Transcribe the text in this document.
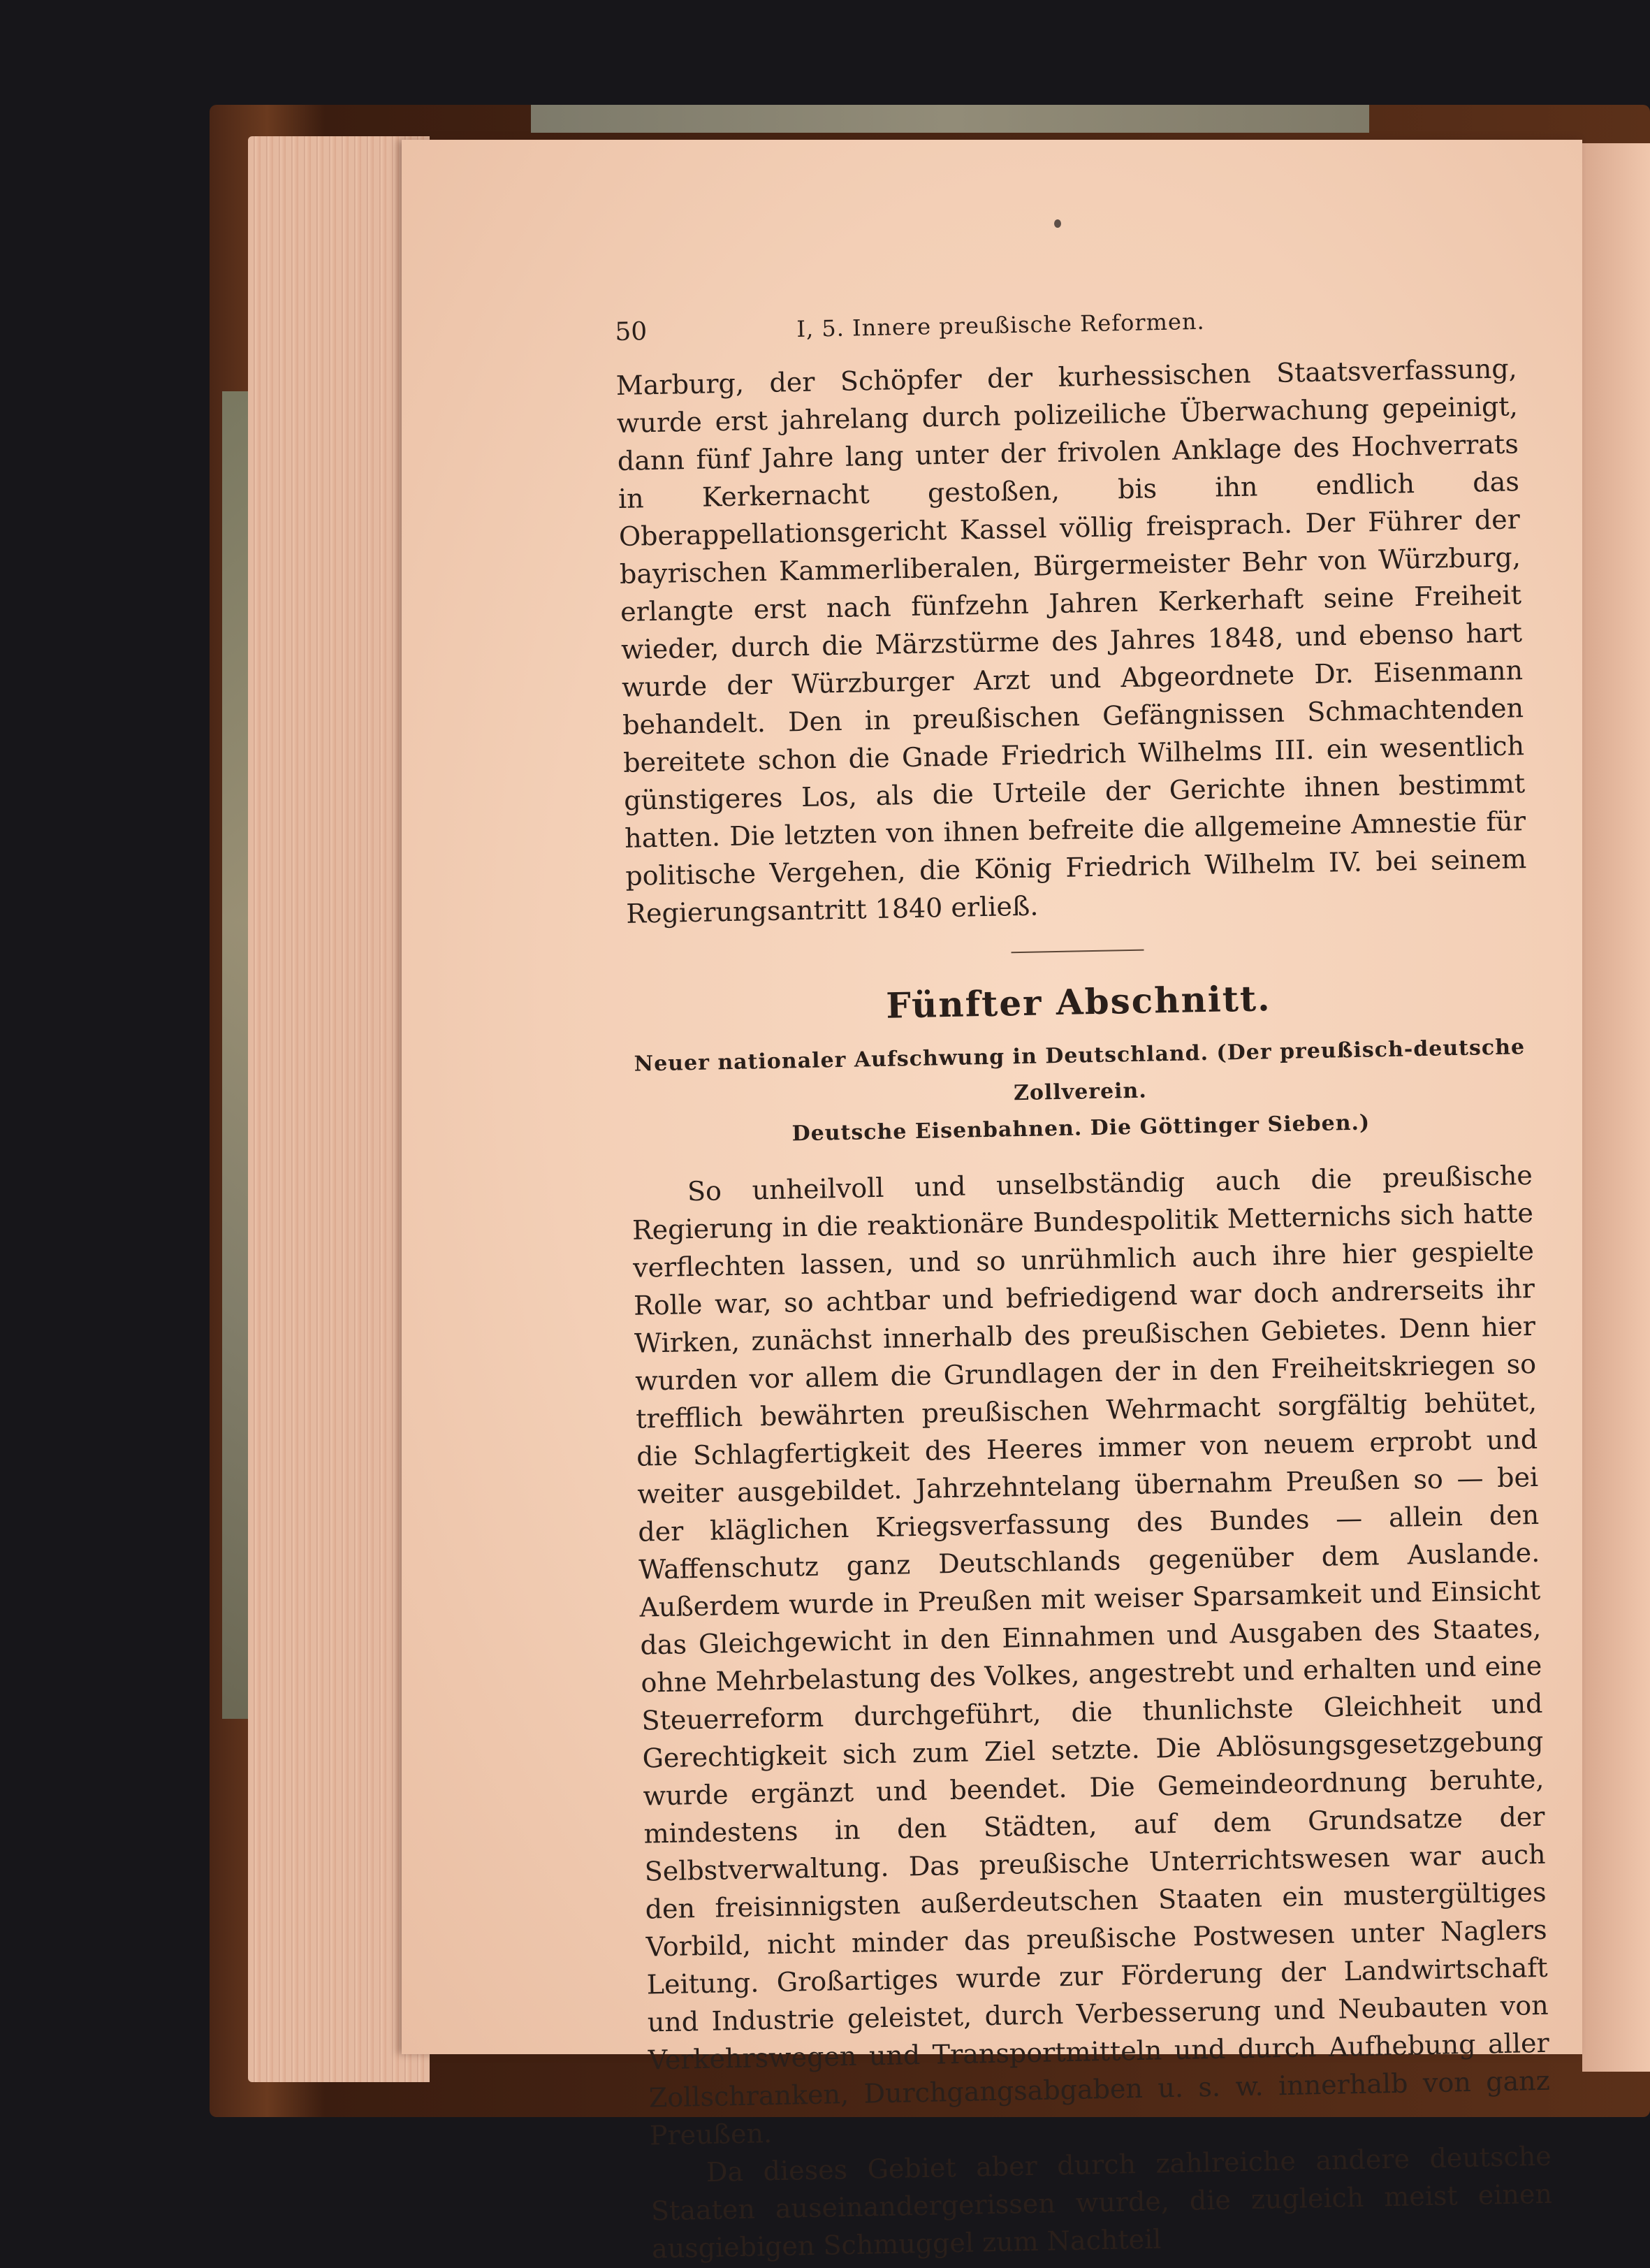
50	I, 5. Innere preußische Reformen.

Marburg, der Schöpfer der kurhessischen Staatsverfassung, wurde erst jahrelang durch polizeiliche Überwachung gepeinigt, dann fünf Jahre lang unter der frivolen Anklage des Hochverrats in Kerkernacht gestoßen, bis ihn endlich das Oberappellationsgericht Kassel völlig freisprach. Der Führer der bayrischen Kammerliberalen, Bürgermeister Behr von Würzburg, erlangte erst nach fünfzehn Jahren Kerkerhaft seine Freiheit wieder, durch die Märzstürme des Jahres 1848, und ebenso hart wurde der Würzburger Arzt und Abgeordnete Dr. Eisenmann behandelt. Den in preußischen Gefängnissen Schmachtenden bereitete schon die Gnade Friedrich Wilhelms III. ein wesentlich günstigeres Los, als die Urteile der Gerichte ihnen bestimmt hatten. Die letzten von ihnen befreite die allgemeine Amnestie für politische Vergehen, die König Friedrich Wilhelm IV. bei seinem Regierungsantritt 1840 erließ.

Fünfter Abschnitt.
Neuer nationaler Aufschwung in Deutschland. (Der preußisch-deutsche Zollverein.
Deutsche Eisenbahnen. Die Göttinger Sieben.)

So unheilvoll und unselbständig auch die preußische Regierung in die reaktionäre Bundespolitik Metternichs sich hatte verflechten lassen, und so unrühmlich auch ihre hier gespielte Rolle war, so achtbar und befriedigend war doch andrerseits ihr Wirken, zunächst innerhalb des preußischen Gebietes. Denn hier wurden vor allem die Grundlagen der in den Freiheitskriegen so trefflich bewährten preußischen Wehrmacht sorgfältig behütet, die Schlagfertigkeit des Heeres immer von neuem erprobt und weiter ausgebildet. Jahrzehntelang übernahm Preußen so — bei der kläglichen Kriegsverfassung des Bundes — allein den Waffenschutz ganz Deutschlands gegenüber dem Auslande. Außerdem wurde in Preußen mit weiser Sparsamkeit und Einsicht das Gleichgewicht in den Einnahmen und Ausgaben des Staates, ohne Mehrbelastung des Volkes, angestrebt und erhalten und eine Steuerreform durchgeführt, die thunlichste Gleichheit und Gerechtigkeit sich zum Ziel setzte. Die Ablösungsgesetzgebung wurde ergänzt und beendet. Die Gemeindeordnung beruhte, mindestens in den Städten, auf dem Grundsatze der Selbstverwaltung. Das preußische Unterrichtswesen war auch den freisinnigsten außerdeutschen Staaten ein mustergültiges Vorbild, nicht minder das preußische Postwesen unter Naglers Leitung. Großartiges wurde zur Förderung der Landwirtschaft und Industrie geleistet, durch Verbesserung und Neubauten von Verkehrswegen und Transportmitteln und durch Aufhebung aller Zollschranken, Durchgangsabgaben u. s. w. innerhalb von ganz Preußen.

Da dieses Gebiet aber durch zahlreiche andere deutsche Staaten auseinandergerissen wurde, die zugleich meist einen ausgiebigen Schmuggel zum Nachteil
